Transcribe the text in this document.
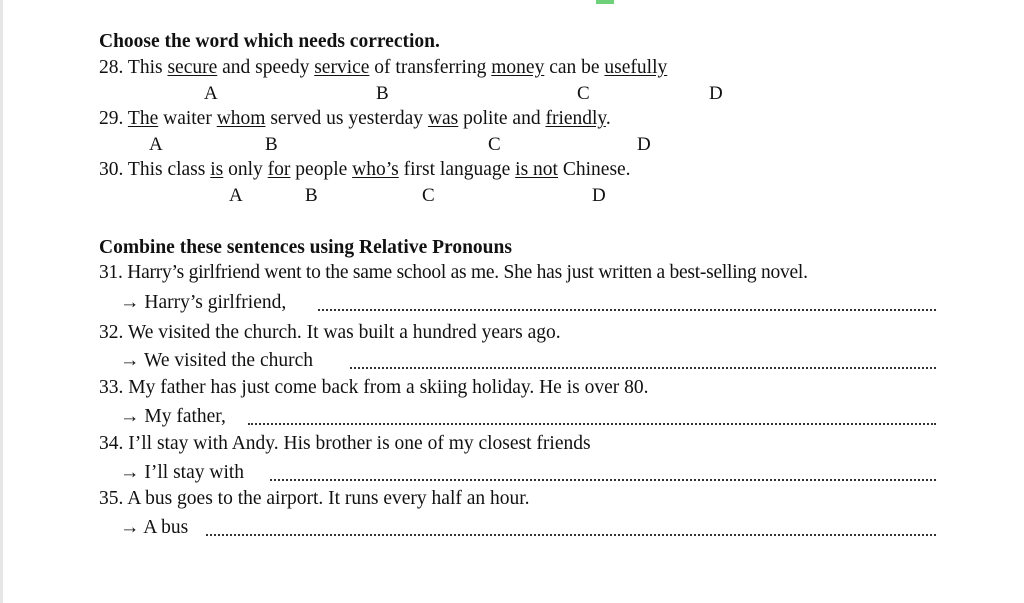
Choose the word which needs correction.
28. This secure and speedy service of transferring money can be usefully
A	B	C	D
29. The waiter whom served us yesterday was polite and friendly.
A	B	C	D
30. This class is only for people who’s first language is not Chinese.
A	B	C	D
Combine these sentences using Relative Pronouns
31. Harry’s girlfriend went to the same school as me. She has just written a best-selling novel.
→ Harry’s girlfriend,
32. We visited the church. It was built a hundred years ago.
→ We visited the church
33. My father has just come back from a skiing holiday. He is over 80.
→ My father,
34. I’ll stay with Andy. His brother is one of my closest friends
→ I’ll stay with
35. A bus goes to the airport. It runs every half an hour.
→ A bus
